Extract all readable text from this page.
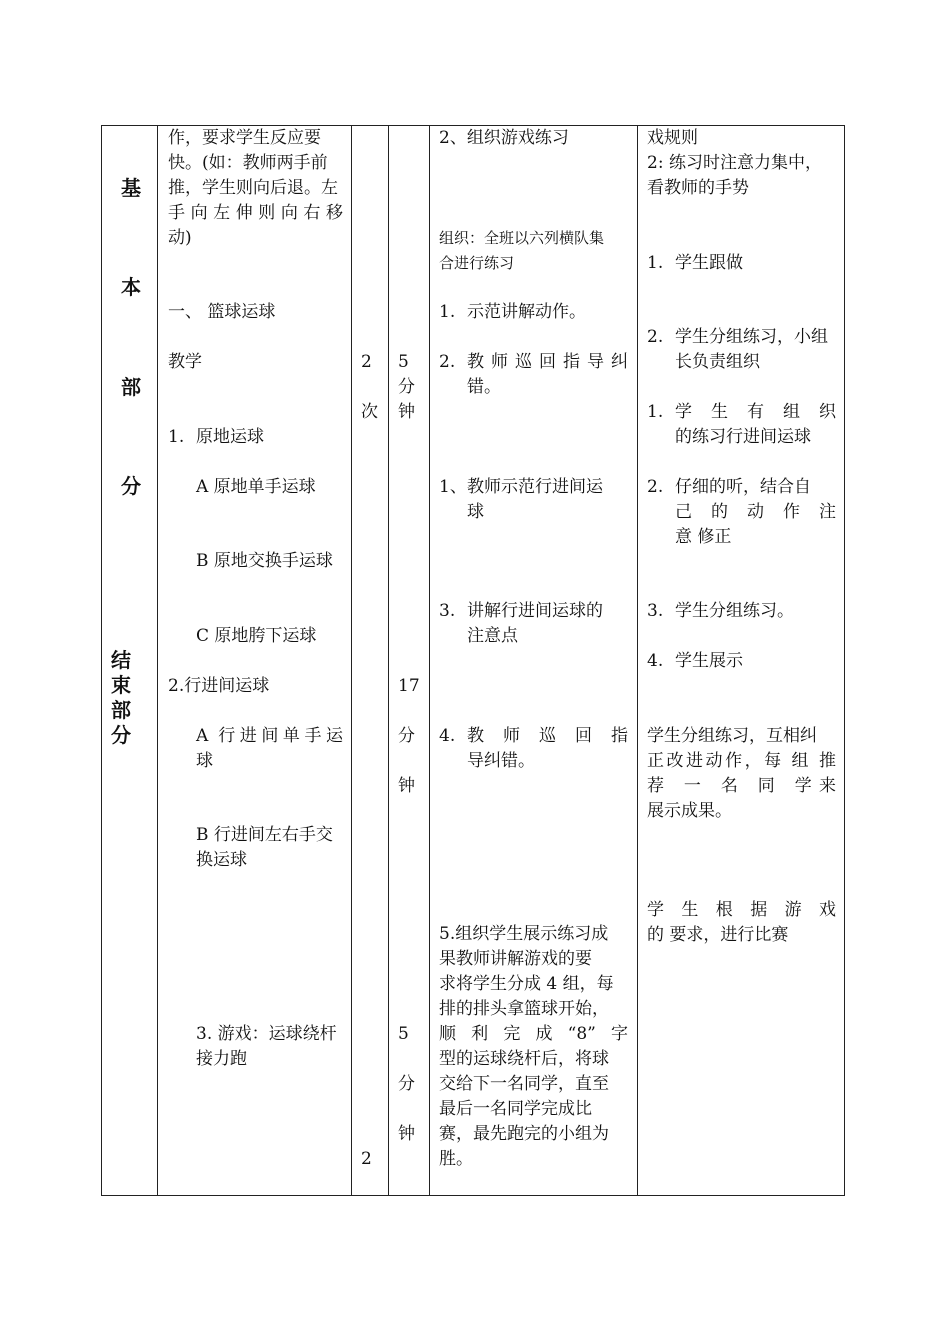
基
本
部
分
结
束
部
分
作，要求学生反应要
快。(如：教师两手前
推，学生则向后退。左
手向左伸则向右移
动)
一、 篮球运球
教学
1. 原地运球
A 原地单手运球
B 原地交换手运球
C 原地胯下运球
2.行进间运球
A 行进间单手运
球
B 行进间左右手交
换运球
3. 游戏：运球绕杆
接力跑
2
次
2
5
分
钟
17
分
钟
5
分
钟
2、组织游戏练习
组织：全班以六列横队集
合进行练习
1. 示范讲解动作。
2. 教师巡回指导纠
错。
1、 教师示范行进间运
球
3. 讲解行进间运球的
注意点
4. 教师巡回指
导纠错。
5.组织学生展示练习成
果教师讲解游戏的要
求将学生分成 4 组，每
排的排头拿篮球开始，
顺利完成“8”字
型的运球绕杆后，将球
交给下一名同学，直至
最后一名同学完成比
赛，最先跑完的小组为
胜。
戏规则
2: 练习时注意力集中，
看教师的手势
1. 学生跟做
2. 学生分组练习，小组
长负责组织
1. 学生有组织
的练习行进间运球
2. 仔细的听，结合自
己的动作注
意 修正
3. 学生分组练习。
4. 学生展示
学生分组练习，互相纠
正改进动作，每 组 推
荐 一 名 同 学来
展示成果。
学 生 根 据 游 戏
的 要求，进行比赛
